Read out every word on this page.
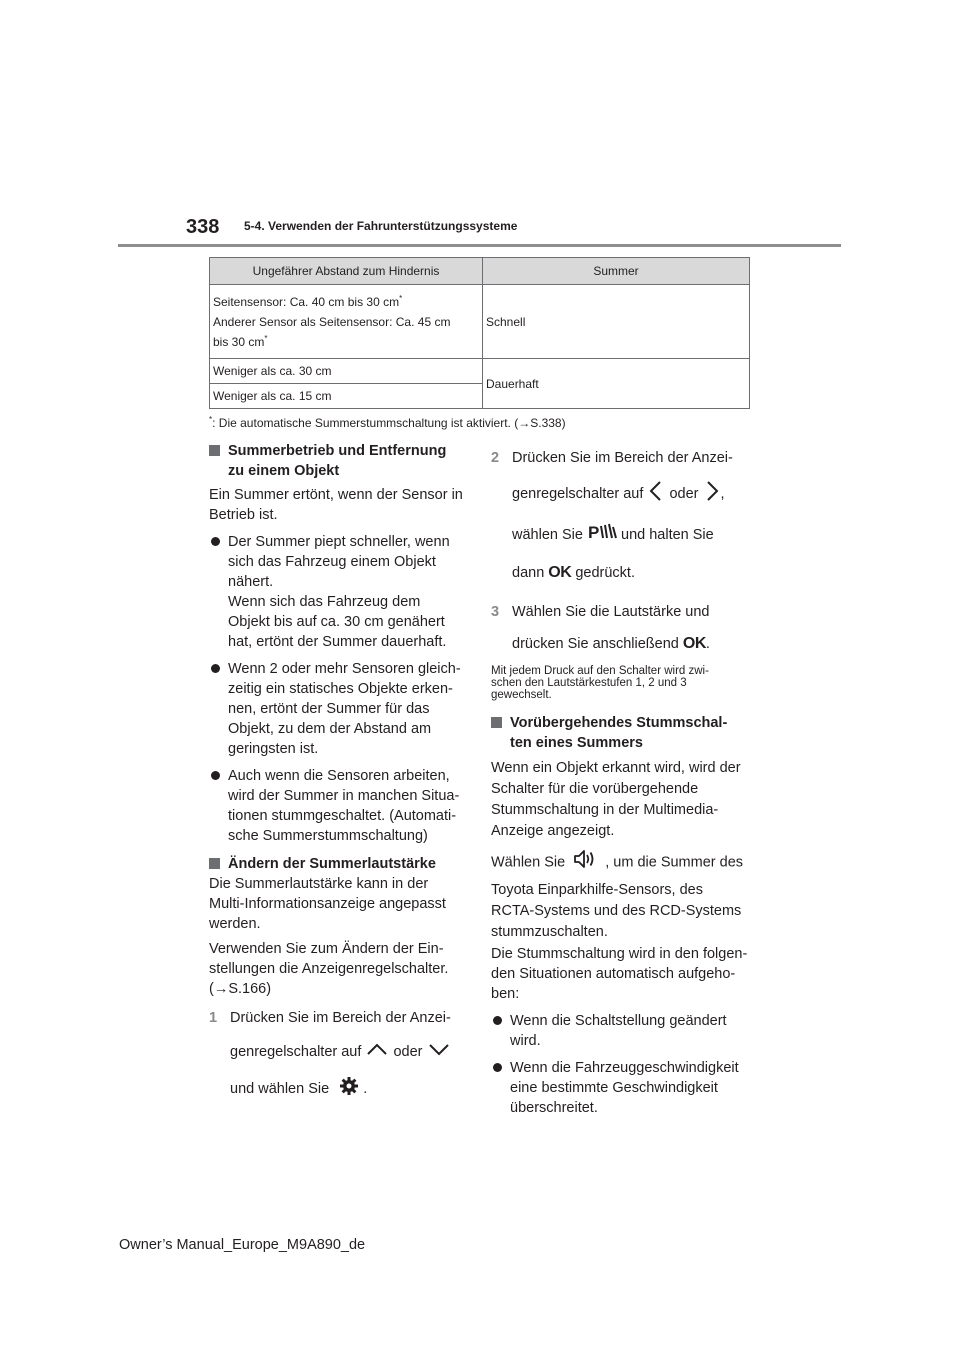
338 5-4. Verwenden der Fahrunterstützungssysteme
Ungefährer Abstand zum Hindernis	Summer

Seitensensor: Ca. 40 cm bis 30 cm*
Anderer Sensor als Seitensensor: Ca. 45 cm
bis 30 cm*	Schnell
Weniger als ca. 30 cm	Dauerhaft
Weniger als ca. 15 cm	
*: Die automatische Summerstummschaltung ist aktiviert. (→S.338)
Summerbetrieb und Entfernung
zu einem Objekt
Ein Summer ertönt, wenn der Sensor in
Betrieb ist.
Der Summer piept schneller, wenn
sich das Fahrzeug einem Objekt
nähert.
Wenn sich das Fahrzeug dem
Objekt bis auf ca. 30 cm genähert
hat, ertönt der Summer dauerhaft.
Wenn 2 oder mehr Sensoren gleich-
zeitig ein statisches Objekte erken-
nen, ertönt der Summer für das
Objekt, zu dem der Abstand am
geringsten ist.
Auch wenn die Sensoren arbeiten,
wird der Summer in manchen Situa-
tionen stummgeschaltet. (Automati-
sche Summerstummschaltung)
Ändern der Summerlautstärke
Die Summerlautstärke kann in der
Multi-Informationsanzeige angepasst
werden.
Verwenden Sie zum Ändern der Ein-
stellungen die Anzeigenregelschalter.
(→S.166)
1 Drücken Sie im Bereich der Anzei-
genregelschalter auf oder
und wählen Sie .
2 Drücken Sie im Bereich der Anzei-
genregelschalter auf oder ,
wählen Sie P und halten Sie
dann OK gedrückt.
3 Wählen Sie die Lautstärke und
drücken Sie anschließend OK.
Mit jedem Druck auf den Schalter wird zwi-
schen den Lautstärkestufen 1, 2 und 3
gewechselt.
Vorübergehendes Stummschal-
ten eines Summers
Wenn ein Objekt erkannt wird, wird der
Schalter für die vorübergehende
Stummschaltung in der Multimedia-
Anzeige angezeigt.
Wählen Sie	, um die Summer des
Toyota Einparkhilfe-Sensors, des
RCTA-Systems und des RCD-Systems
stummzuschalten.
Die Stummschaltung wird in den folgen-
den Situationen automatisch aufgeho-
ben:
Wenn die Schaltstellung geändert
wird.
Wenn die Fahrzeuggeschwindigkeit
eine bestimmte Geschwindigkeit
überschreitet.
Owner’s Manual_Europe_M9A890_de
